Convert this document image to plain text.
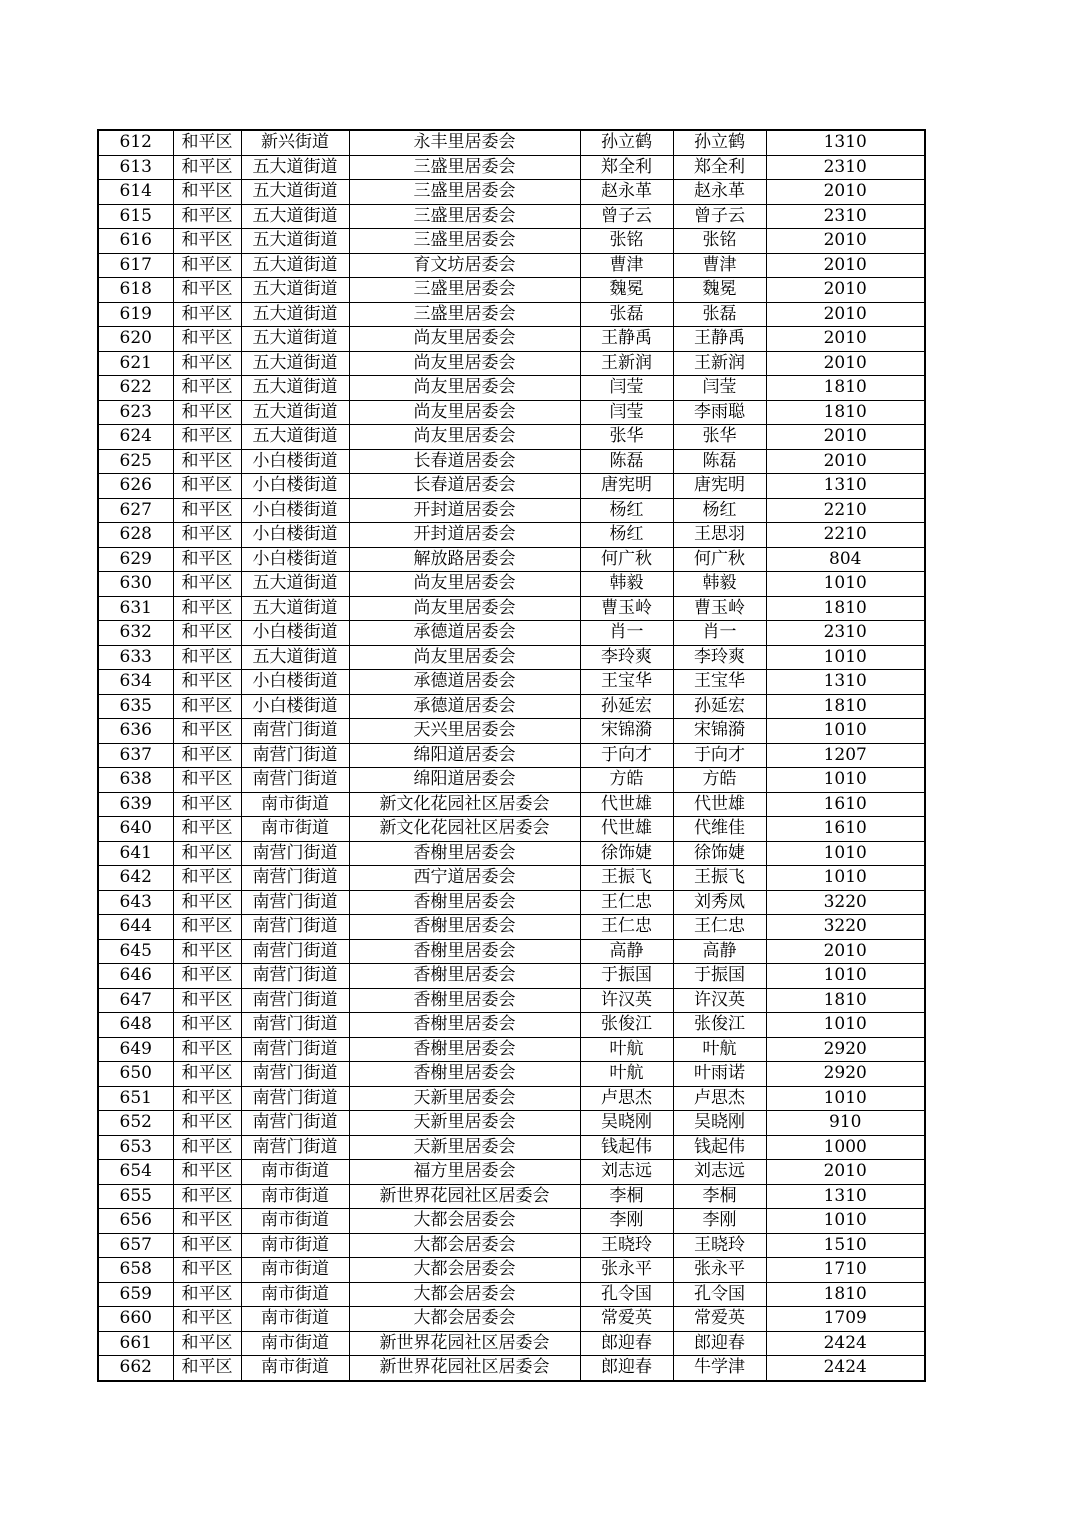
612	和平区	新兴街道	永丰里居委会	孙立鹤	孙立鹤	1310
613	和平区	五大道街道	三盛里居委会	郑全利	郑全利	2310
614	和平区	五大道街道	三盛里居委会	赵永革	赵永革	2010
615	和平区	五大道街道	三盛里居委会	曾子云	曾子云	2310
616	和平区	五大道街道	三盛里居委会	张铭	张铭	2010
617	和平区	五大道街道	育文坊居委会	曹津	曹津	2010
618	和平区	五大道街道	三盛里居委会	魏冕	魏冕	2010
619	和平区	五大道街道	三盛里居委会	张磊	张磊	2010
620	和平区	五大道街道	尚友里居委会	王静禹	王静禹	2010
621	和平区	五大道街道	尚友里居委会	王新润	王新润	2010
622	和平区	五大道街道	尚友里居委会	闫莹	闫莹	1810
623	和平区	五大道街道	尚友里居委会	闫莹	李雨聪	1810
624	和平区	五大道街道	尚友里居委会	张华	张华	2010
625	和平区	小白楼街道	长春道居委会	陈磊	陈磊	2010
626	和平区	小白楼街道	长春道居委会	唐宪明	唐宪明	1310
627	和平区	小白楼街道	开封道居委会	杨红	杨红	2210
628	和平区	小白楼街道	开封道居委会	杨红	王思羽	2210
629	和平区	小白楼街道	解放路居委会	何广秋	何广秋	804
630	和平区	五大道街道	尚友里居委会	韩毅	韩毅	1010
631	和平区	五大道街道	尚友里居委会	曹玉岭	曹玉岭	1810
632	和平区	小白楼街道	承德道居委会	肖一	肖一	2310
633	和平区	五大道街道	尚友里居委会	李玲爽	李玲爽	1010
634	和平区	小白楼街道	承德道居委会	王宝华	王宝华	1310
635	和平区	小白楼街道	承德道居委会	孙延宏	孙延宏	1810
636	和平区	南营门街道	天兴里居委会	宋锦漪	宋锦漪	1010
637	和平区	南营门街道	绵阳道居委会	于向才	于向才	1207
638	和平区	南营门街道	绵阳道居委会	方皓	方皓	1010
639	和平区	南市街道	新文化花园社区居委会	代世雄	代世雄	1610
640	和平区	南市街道	新文化花园社区居委会	代世雄	代维佳	1610
641	和平区	南营门街道	香榭里居委会	徐饰婕	徐饰婕	1010
642	和平区	南营门街道	西宁道居委会	王振飞	王振飞	1010
643	和平区	南营门街道	香榭里居委会	王仁忠	刘秀凤	3220
644	和平区	南营门街道	香榭里居委会	王仁忠	王仁忠	3220
645	和平区	南营门街道	香榭里居委会	高静	高静	2010
646	和平区	南营门街道	香榭里居委会	于振国	于振国	1010
647	和平区	南营门街道	香榭里居委会	许汉英	许汉英	1810
648	和平区	南营门街道	香榭里居委会	张俊江	张俊江	1010
649	和平区	南营门街道	香榭里居委会	叶航	叶航	2920
650	和平区	南营门街道	香榭里居委会	叶航	叶雨诺	2920
651	和平区	南营门街道	天新里居委会	卢思杰	卢思杰	1010
652	和平区	南营门街道	天新里居委会	吴晓刚	吴晓刚	910
653	和平区	南营门街道	天新里居委会	钱起伟	钱起伟	1000
654	和平区	南市街道	福方里居委会	刘志远	刘志远	2010
655	和平区	南市街道	新世界花园社区居委会	李桐	李桐	1310
656	和平区	南市街道	大都会居委会	李刚	李刚	1010
657	和平区	南市街道	大都会居委会	王晓玲	王晓玲	1510
658	和平区	南市街道	大都会居委会	张永平	张永平	1710
659	和平区	南市街道	大都会居委会	孔令国	孔令国	1810
660	和平区	南市街道	大都会居委会	常爱英	常爱英	1709
661	和平区	南市街道	新世界花园社区居委会	郎迎春	郎迎春	2424
662	和平区	南市街道	新世界花园社区居委会	郎迎春	牛学津	2424
